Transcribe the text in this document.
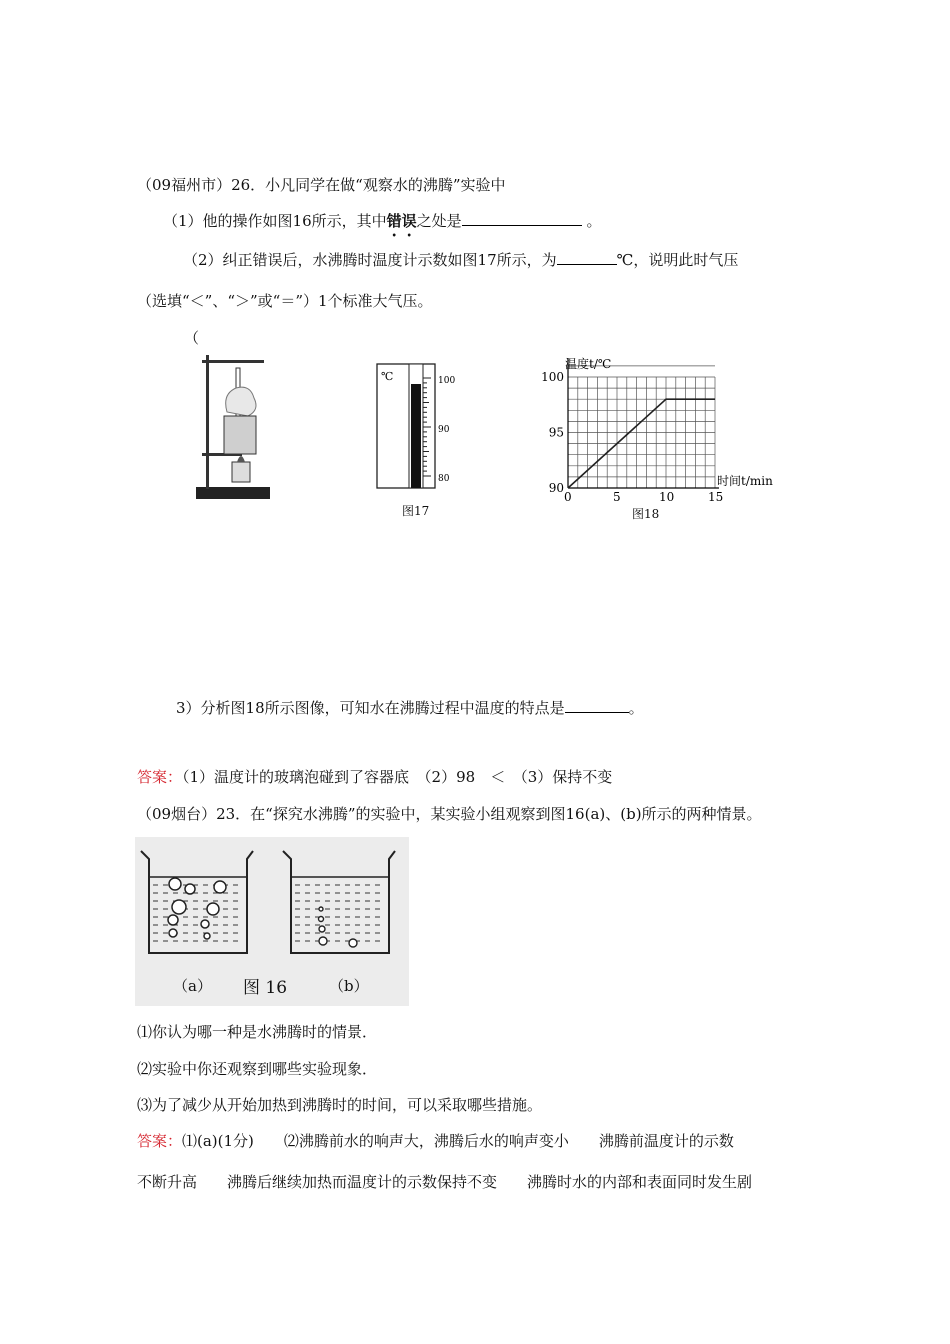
（09福州市）26．小凡同学在做“观察水的沸腾”实验中
（1）他的操作如图16所示，其中错误之处是	。
（2）纠正错误后，水沸腾时温度计示数如图17所示，为	℃，说明此时气压
（选填“＜”、“＞”或“＝”）1个标准大气压。
（
℃	100
90
80
图17
0	5	10	15
90
95
100
温度t/℃
时间t/min
图18
3）分析图18所示图像，可知水在沸腾过程中温度的特点是	。
答案：（1）温度计的玻璃泡碰到了容器底　（2）98　＜　（3）保持不变
（09烟台）23．在“探究水沸腾”的实验中，某实验小组观察到图16(a)、(b)所示的两种情景。
（a） 图 16	（b）
⑴你认为哪一种是水沸腾时的情景．
⑵实验中你还观察到哪些实验现象．
⑶为了减少从开始加热到沸腾时的时间，可以采取哪些措施。
答案：⑴(a)(1分)　　⑵沸腾前水的响声大，沸腾后水的响声变小　　沸腾前温度计的示数
不断升高　　沸腾后继续加热而温度计的示数保持不变　　沸腾时水的内部和表面同时发生剧
